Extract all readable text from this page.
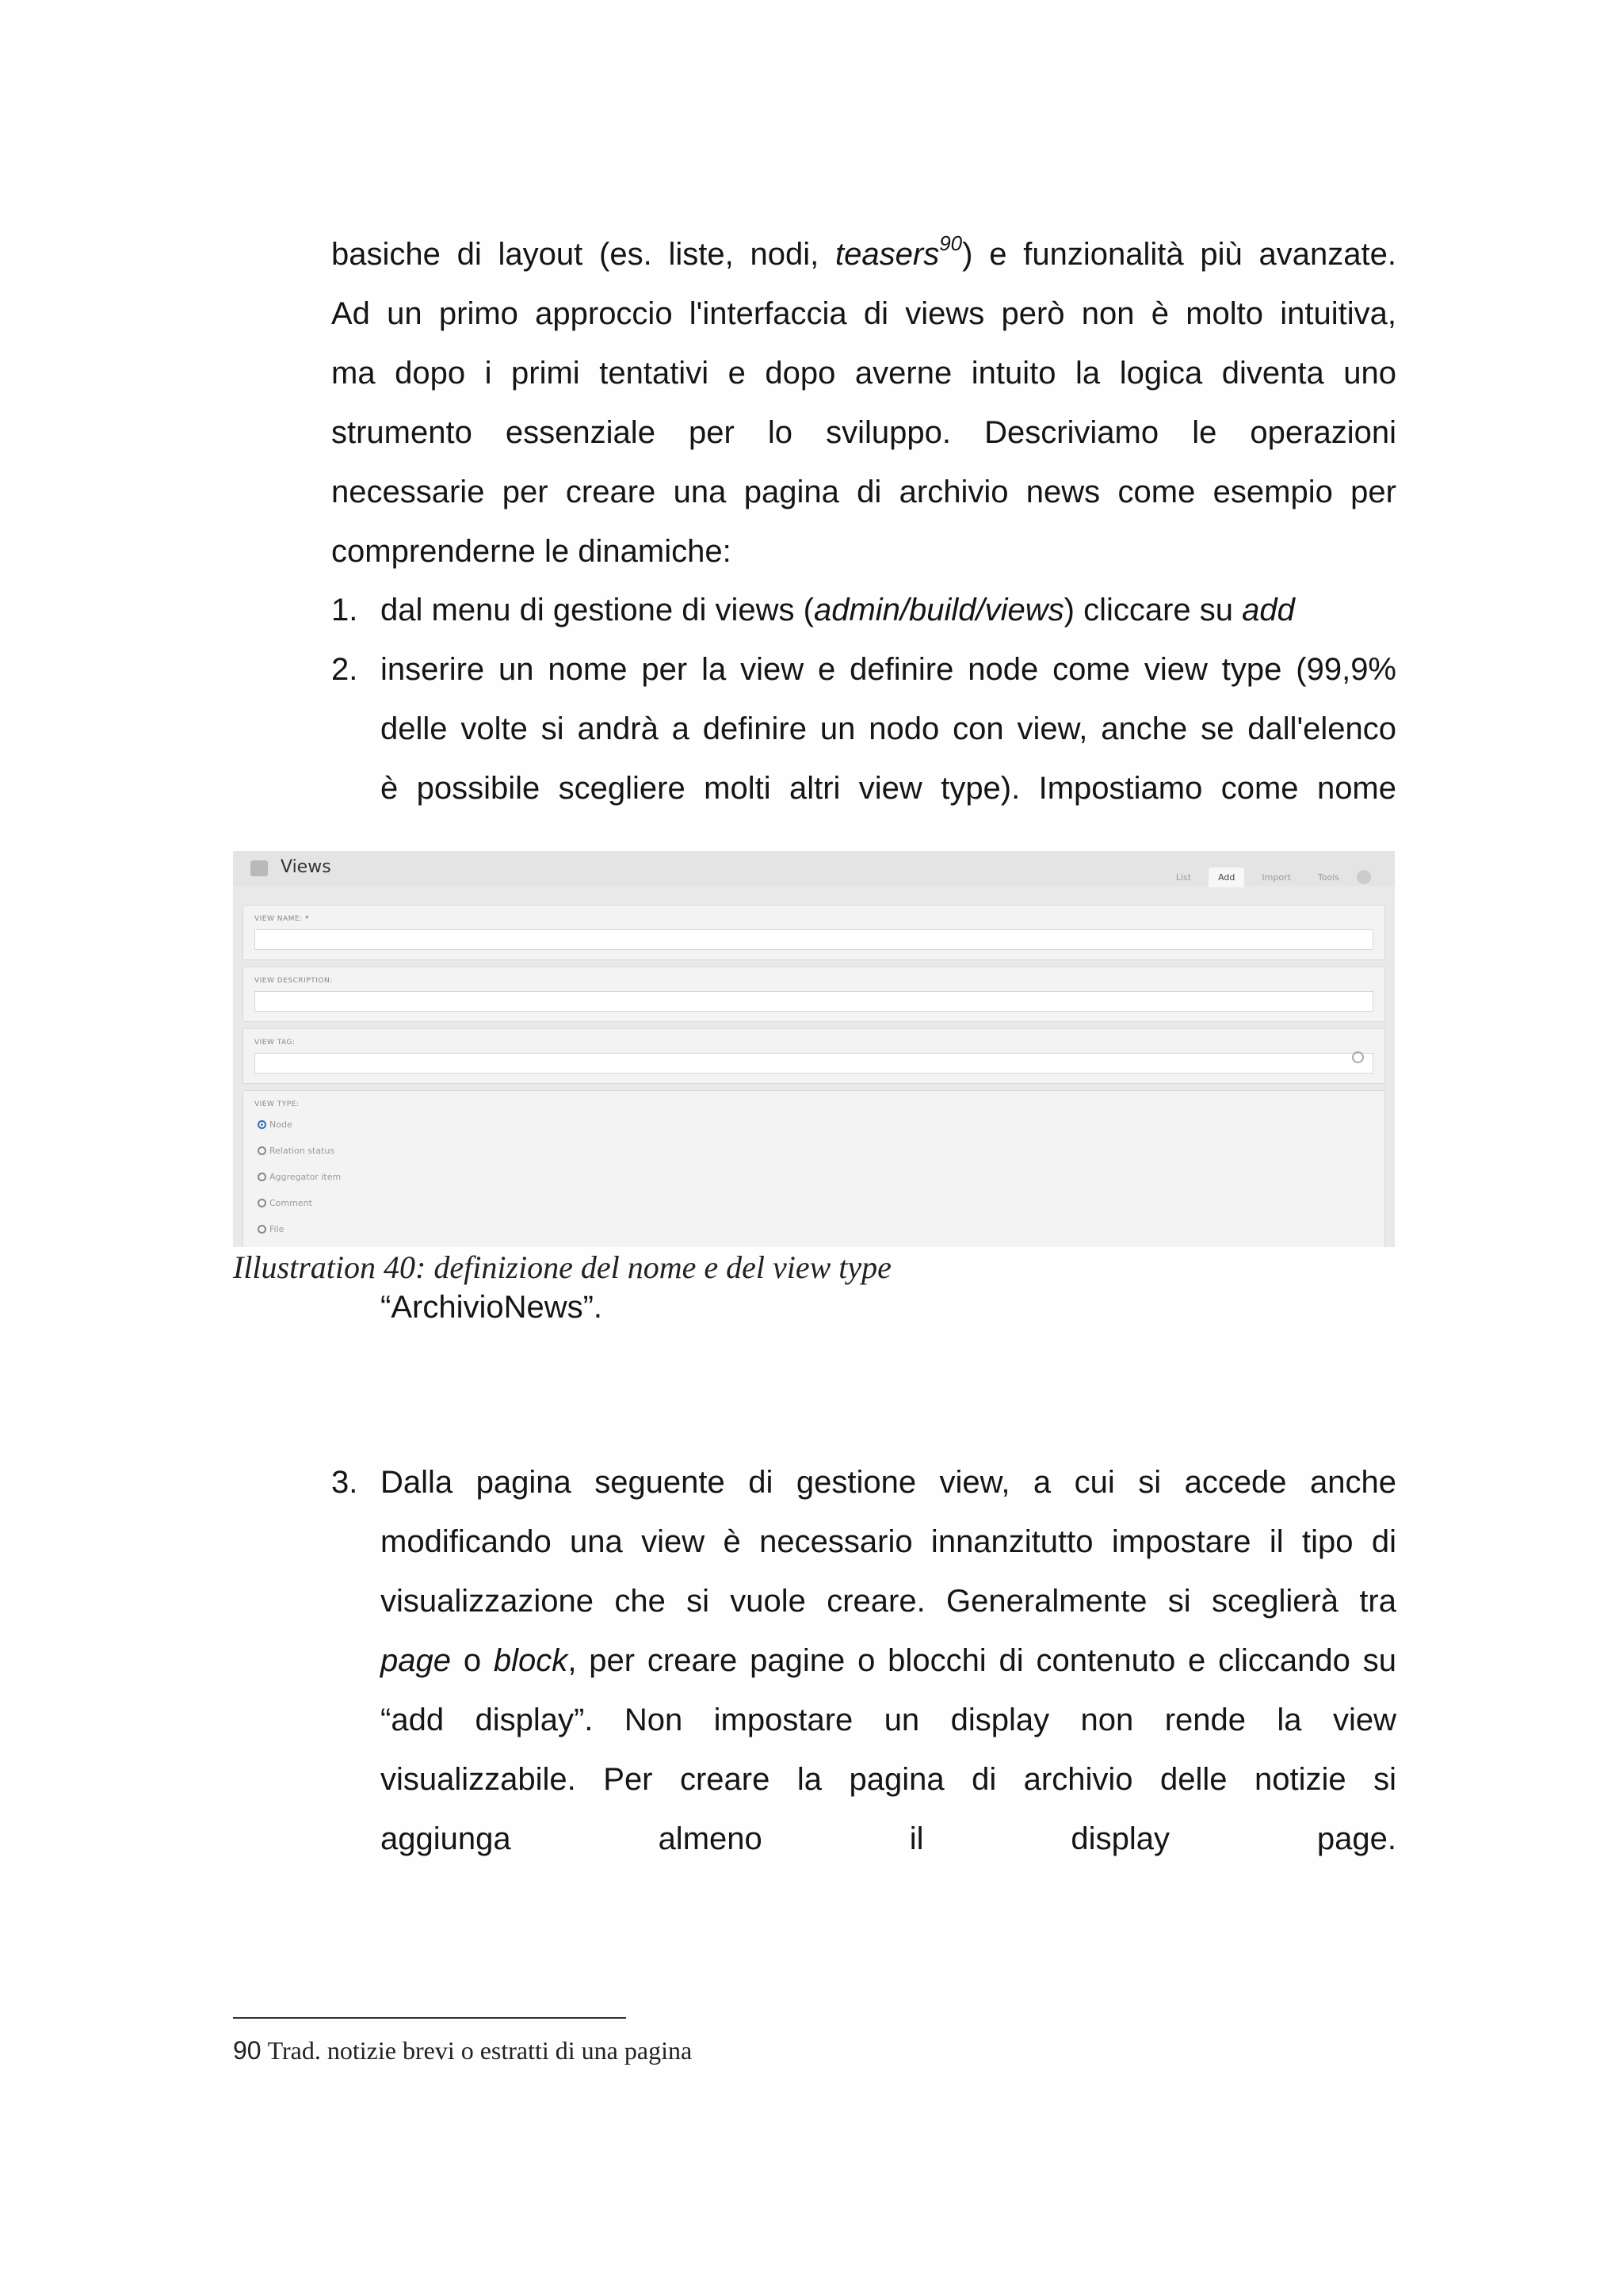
basiche di layout (es. liste, nodi, teasers$^{90}$) e funzionalità più avanzate.
Ad un primo approccio l'interfaccia di views però non è molto intuitiva,
ma dopo i primi tentativi e dopo averne intuito la logica diventa uno
strumento essenziale per lo sviluppo. Descriviamo le operazioni
necessarie per creare una pagina di archivio news come esempio per
comprenderne le dinamiche:
1. dal menu di gestione di views (admin/build/views) cliccare su add
2. inserire un nome per la view e definire node come view type (99,9%
delle volte si andrà a definire un nodo con view, anche se dall'elenco
è possibile scegliere molti altri view type). Impostiamo come nome
Views	List	Add	Import	Tools
VIEW NAME: *
VIEW DESCRIPTION:
VIEW TAG:
VIEW TYPE:
Node
Relation status
Aggregator item
Comment
File
Illustration 40: definizione del nome e del view type
“ArchivioNews”.
3. Dalla pagina seguente di gestione view, a cui si accede anche
modificando una view è necessario innanzitutto impostare il tipo di
visualizzazione che si vuole creare. Generalmente si sceglierà tra
page o block, per creare pagine o blocchi di contenuto e cliccando su
“add display”. Non impostare un display non rende la view
visualizzabile. Per creare la pagina di archivio delle notizie si
aggiunga almeno il display page.
90 Trad. notizie brevi o estratti di una pagina
